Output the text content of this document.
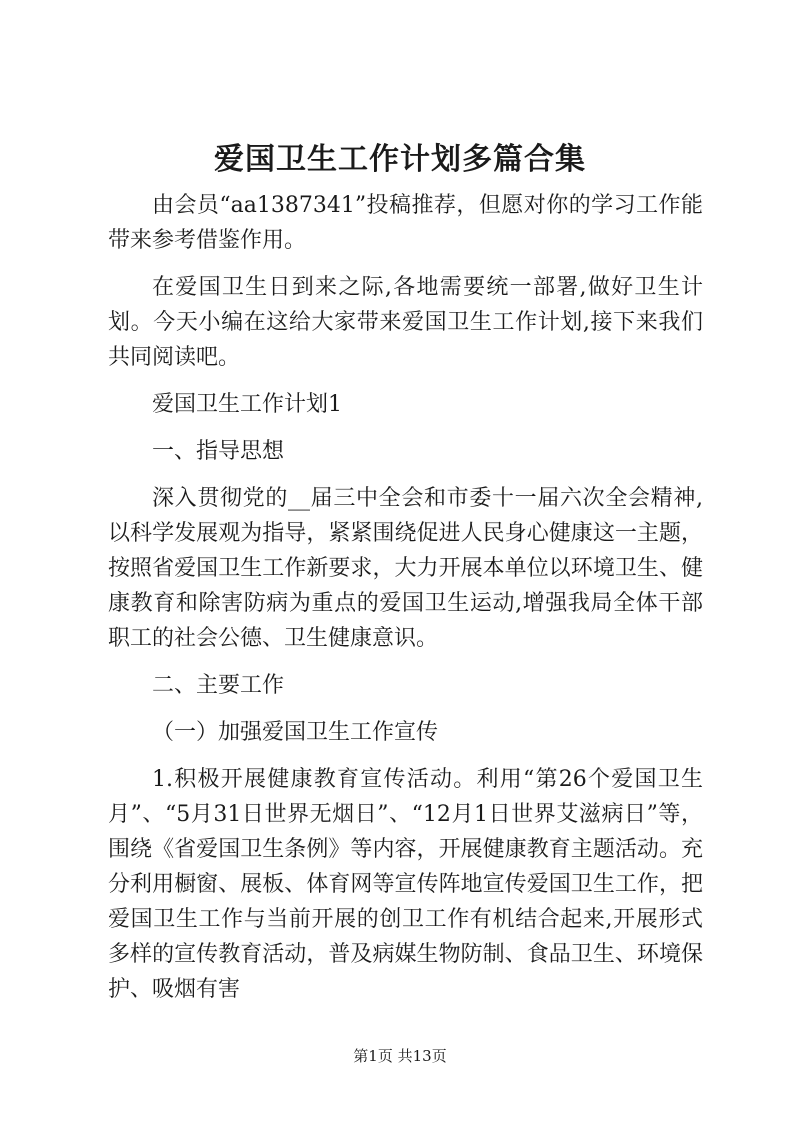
爱国卫生工作计划多篇合集

由会员“aa1387341”投稿推荐，但愿对你的学习工作能带来参考借鉴作用。

在爱国卫生日到来之际,各地需要统一部署,做好卫生计划。今天小编在这给大家带来爱国卫生工作计划,接下来我们共同阅读吧。

爱国卫生工作计划1

一、指导思想

深入贯彻党的__届三中全会和市委十一届六次全会精神,以科学发展观为指导，紧紧围绕促进人民身心健康这一主题，按照省爱国卫生工作新要求，大力开展本单位以环境卫生、健康教育和除害防病为重点的爱国卫生运动,增强我局全体干部职工的社会公德、卫生健康意识。

二、主要工作

（一）加强爱国卫生工作宣传

1.积极开展健康教育宣传活动。利用“第26个爱国卫生月”、“5月31日世界无烟日”、“12月1日世界艾滋病日”等，围绕《省爱国卫生条例》等内容，开展健康教育主题活动。充分利用橱窗、展板、体育网等宣传阵地宣传爱国卫生工作，把爱国卫生工作与当前开展的创卫工作有机结合起来,开展形式多样的宣传教育活动，普及病媒生物防制、食品卫生、环境保护、吸烟有害

第1页 共13页
